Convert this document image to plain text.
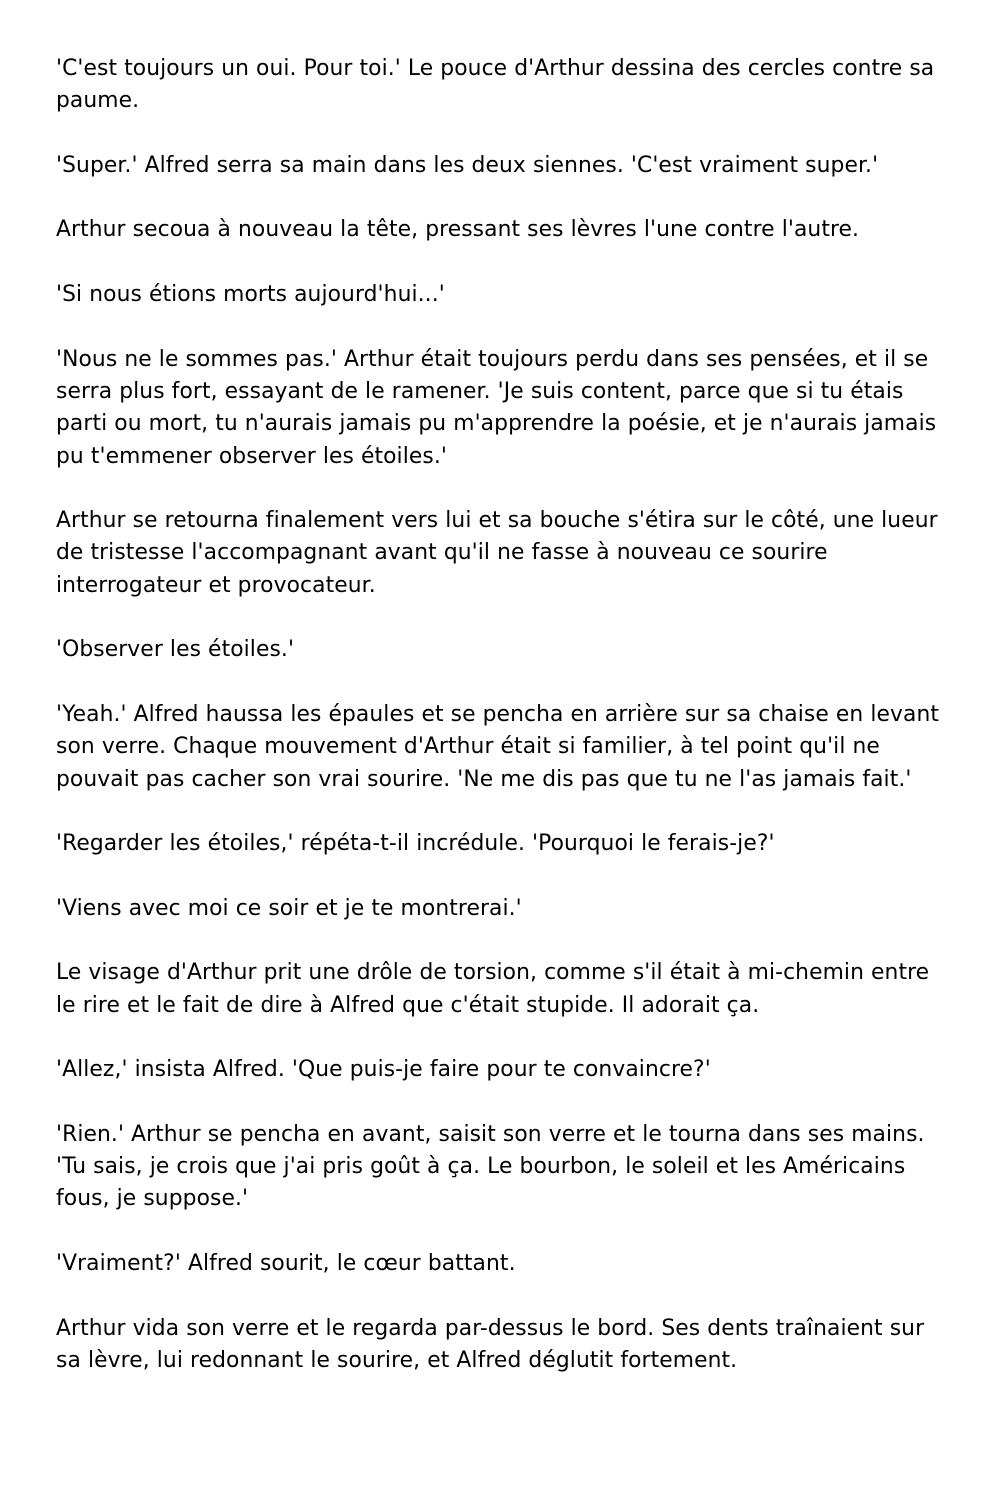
'C'est toujours un oui. Pour toi.' Le pouce d'Arthur dessina des cercles contre sa paume.

'Super.' Alfred serra sa main dans les deux siennes. 'C'est vraiment super.'

Arthur secoua à nouveau la tête, pressant ses lèvres l'une contre l'autre.

'Si nous étions morts aujourd'hui...'

'Nous ne le sommes pas.' Arthur était toujours perdu dans ses pensées, et il se serra plus fort, essayant de le ramener. 'Je suis content, parce que si tu étais parti ou mort, tu n'aurais jamais pu m'apprendre la poésie, et je n'aurais jamais pu t'emmener observer les étoiles.'

Arthur se retourna finalement vers lui et sa bouche s'étira sur le côté, une lueur de tristesse l'accompagnant avant qu'il ne fasse à nouveau ce sourire interrogateur et provocateur.

'Observer les étoiles.'

'Yeah.' Alfred haussa les épaules et se pencha en arrière sur sa chaise en levant son verre. Chaque mouvement d'Arthur était si familier, à tel point qu'il ne pouvait pas cacher son vrai sourire. 'Ne me dis pas que tu ne l'as jamais fait.'

'Regarder les étoiles,' répéta-t-il incrédule. 'Pourquoi le ferais-je?'

'Viens avec moi ce soir et je te montrerai.'

Le visage d'Arthur prit une drôle de torsion, comme s'il était à mi-chemin entre le rire et le fait de dire à Alfred que c'était stupide. Il adorait ça.

'Allez,' insista Alfred. 'Que puis-je faire pour te convaincre?'

'Rien.' Arthur se pencha en avant, saisit son verre et le tourna dans ses mains. 'Tu sais, je crois que j'ai pris goût à ça. Le bourbon, le soleil et les Américains fous, je suppose.'

'Vraiment?' Alfred sourit, le cœur battant.

Arthur vida son verre et le regarda par-dessus le bord. Ses dents traînaient sur sa lèvre, lui redonnant le sourire, et Alfred déglutit fortement.
